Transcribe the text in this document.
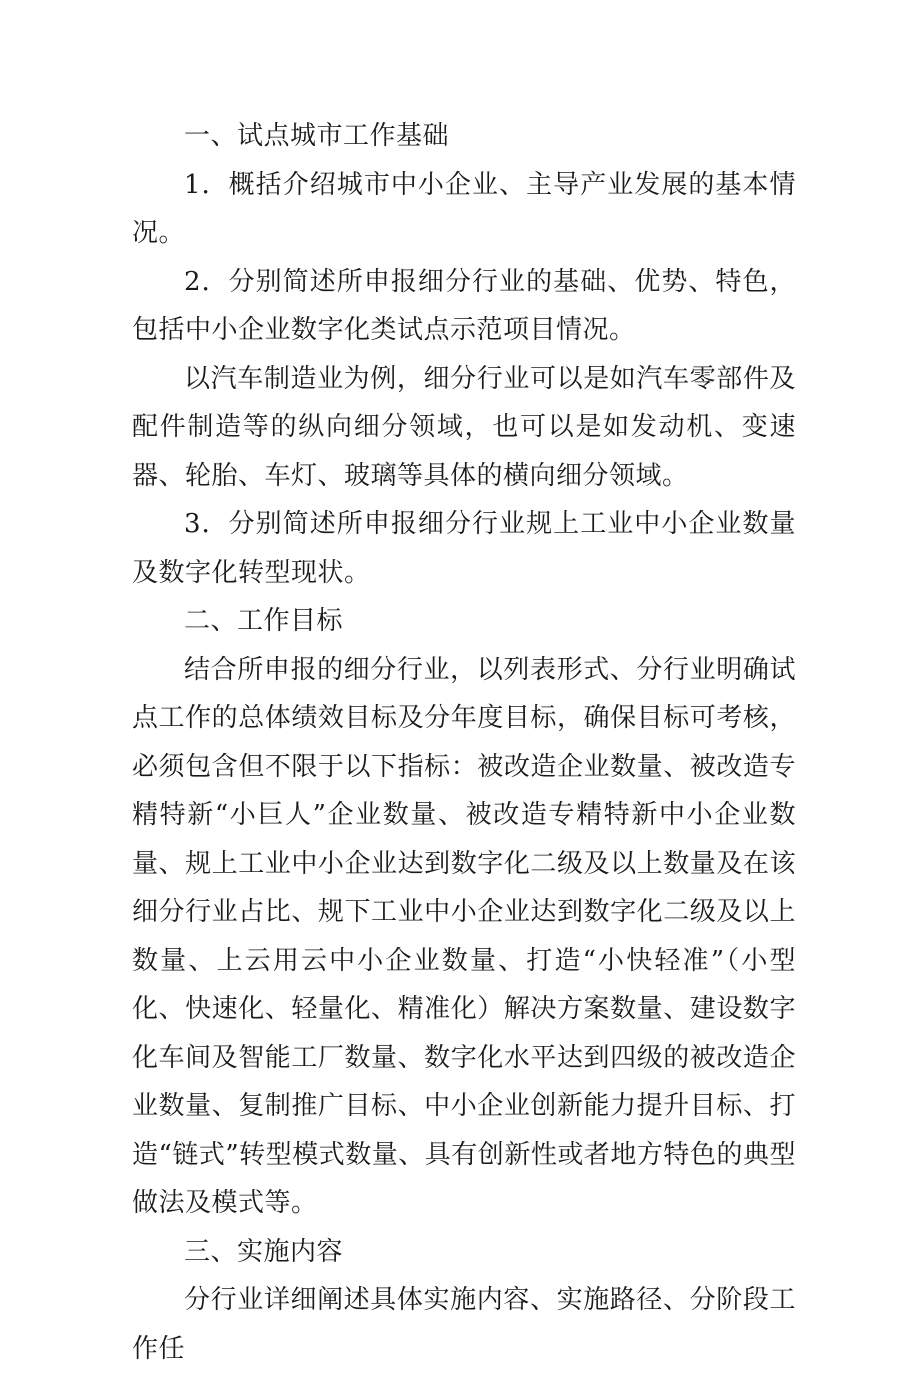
一、试点城市工作基础

1．概括介绍城市中小企业、主导产业发展的基本情况。

2．分别简述所申报细分行业的基础、优势、特色，包括中小企业数字化类试点示范项目情况。

以汽车制造业为例，细分行业可以是如汽车零部件及配件制造等的纵向细分领域，也可以是如发动机、变速器、轮胎、车灯、玻璃等具体的横向细分领域。

3．分别简述所申报细分行业规上工业中小企业数量及数字化转型现状。

二、工作目标

结合所申报的细分行业，以列表形式、分行业明确试点工作的总体绩效目标及分年度目标，确保目标可考核，必须包含但不限于以下指标：被改造企业数量、被改造专精特新“小巨人”企业数量、被改造专精特新中小企业数量、规上工业中小企业达到数字化二级及以上数量及在该细分行业占比、规下工业中小企业达到数字化二级及以上数量、上云用云中小企业数量、打造“小快轻准”（小型化、快速化、轻量化、精准化）解决方案数量、建设数字化车间及智能工厂数量、数字化水平达到四级的被改造企业数量、复制推广目标、中小企业创新能力提升目标、打造“链式”转型模式数量、具有创新性或者地方特色的典型做法及模式等。

三、实施内容

分行业详细阐述具体实施内容、实施路径、分阶段工作任
